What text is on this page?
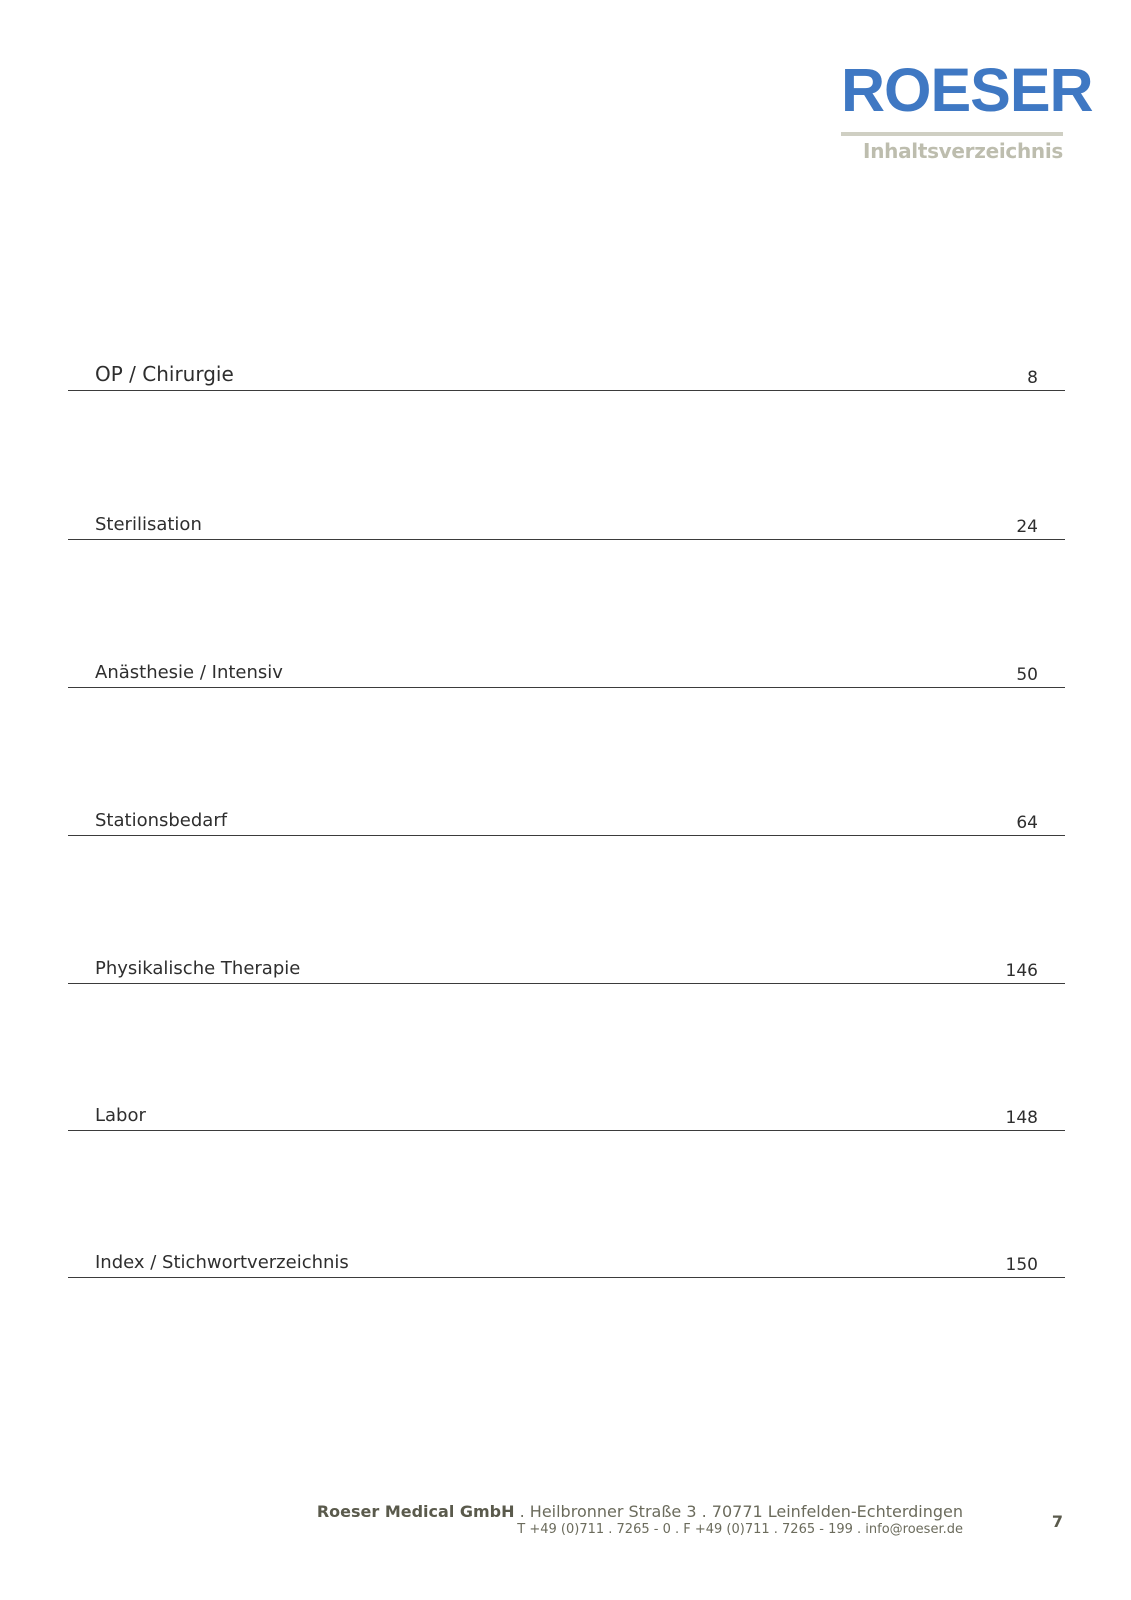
ROESER
Inhaltsverzeichnis
OP / Chirurgie	8
Sterilisation	24
Anästhesie / Intensiv	50
Stationsbedarf	64
Physikalische Therapie	146
Labor	148
Index / Stichwortverzeichnis	150
Roeser Medical GmbH . Heilbronner Straße 3 . 70771 Leinfelden-Echterdingen
T +49 (0)711 . 7265 - 0 . F +49 (0)711 . 7265 - 199 . info@roeser.de	7
